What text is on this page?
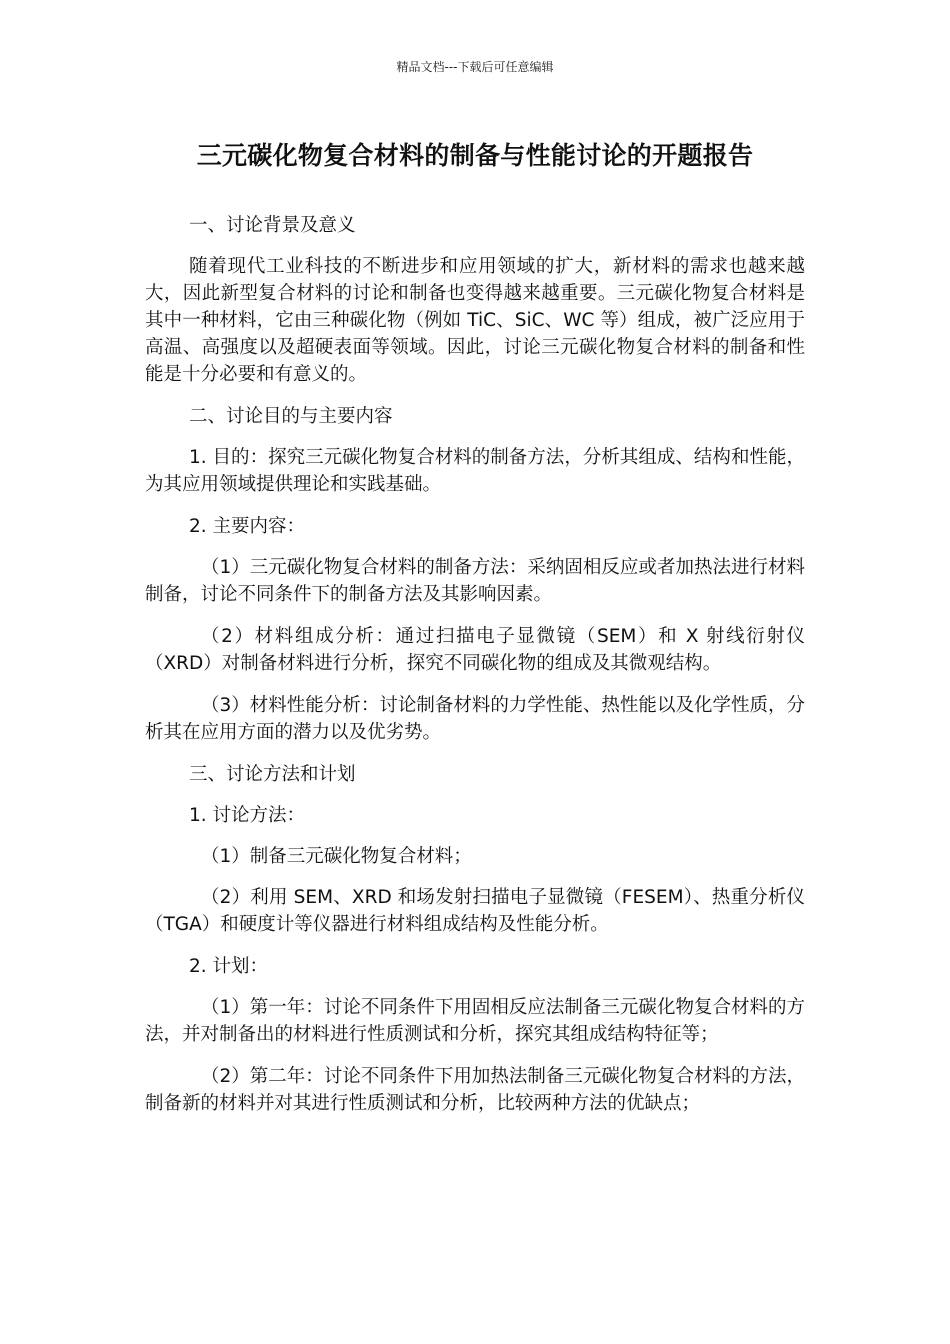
精品文档---下载后可任意编辑
三元碳化物复合材料的制备与性能讨论的开题报告

一、讨论背景及意义

随着现代工业科技的不断进步和应用领域的扩大，新材料的需求也越来越大，因此新型复合材料的讨论和制备也变得越来越重要。三元碳化物复合材料是其中一种材料，它由三种碳化物（例如 TiC、SiC、WC 等）组成，被广泛应用于高温、高强度以及超硬表面等领域。因此，讨论三元碳化物复合材料的制备和性能是十分必要和有意义的。

二、讨论目的与主要内容

1. 目的：探究三元碳化物复合材料的制备方法，分析其组成、结构和性能，为其应用领域提供理论和实践基础。

2. 主要内容：

（1）三元碳化物复合材料的制备方法：采纳固相反应或者加热法进行材料制备，讨论不同条件下的制备方法及其影响因素。

（2）材料组成分析：通过扫描电子显微镜（SEM）和 X 射线衍射仪（XRD）对制备材料进行分析，探究不同碳化物的组成及其微观结构。

（3）材料性能分析：讨论制备材料的力学性能、热性能以及化学性质，分析其在应用方面的潜力以及优劣势。

三、讨论方法和计划

1. 讨论方法：

（1）制备三元碳化物复合材料；

（2）利用 SEM、XRD 和场发射扫描电子显微镜（FESEM）、热重分析仪（TGA）和硬度计等仪器进行材料组成结构及性能分析。

2. 计划：

（1）第一年：讨论不同条件下用固相反应法制备三元碳化物复合材料的方法，并对制备出的材料进行性质测试和分析，探究其组成结构特征等；

（2）第二年：讨论不同条件下用加热法制备三元碳化物复合材料的方法，制备新的材料并对其进行性质测试和分析，比较两种方法的优缺点；
